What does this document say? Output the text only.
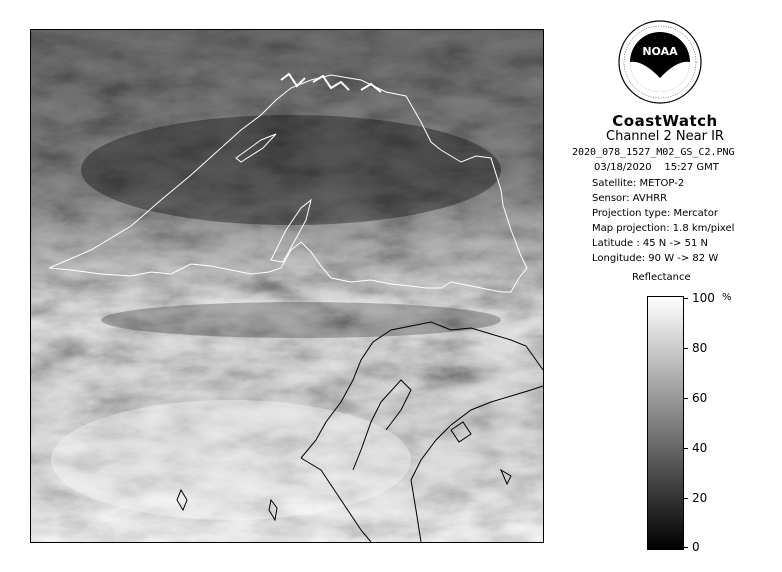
NOAA
CoastWatch
Channel 2 Near IR
2020_078_1527_M02_GS_C2.PNG
03/18/2020 15:27 GMT
Satellite: METOP-2
Sensor: AVHRR
Projection type: Mercator
Map projection: 1.8 km/pixel
Latitude : 45 N -> 51 N
Longitude: 90 W -> 82 W
Reflectance
%
100
80
60
40
20
0
